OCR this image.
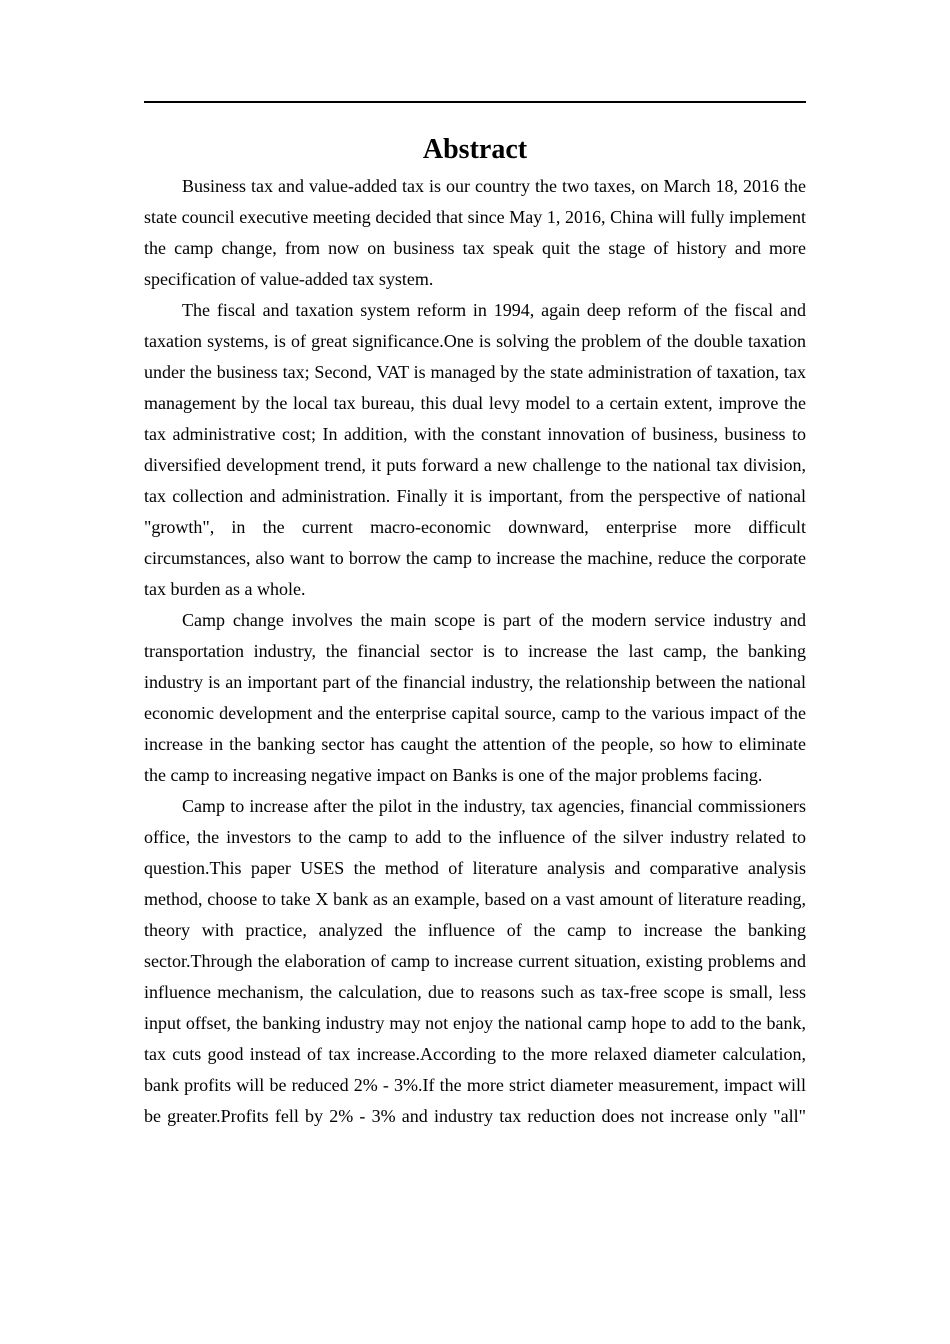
Abstract

Business tax and value-added tax is our country the two taxes, on March 18, 2016 the state council executive meeting decided that since May 1, 2016, China will fully implement the camp change, from now on business tax speak quit the stage of history and more specification of value-added tax system.

The fiscal and taxation system reform in 1994, again deep reform of the fiscal and taxation systems, is of great significance.One is solving the problem of the double taxation under the business tax; Second, VAT is managed by the state administration of taxation, tax management by the local tax bureau, this dual levy model to a certain extent, improve the tax administrative cost; In addition, with the constant innovation of business, business to diversified development trend, it puts forward a new challenge to the national tax division, tax collection and administration. Finally it is important, from the perspective of national "growth", in the current macro-economic downward, enterprise more difficult circumstances, also want to borrow the camp to increase the machine, reduce the corporate tax burden as a whole.

Camp change involves the main scope is part of the modern service industry and transportation industry, the financial sector is to increase the last camp, the banking industry is an important part of the financial industry, the relationship between the national economic development and the enterprise capital source, camp to the various impact of the increase in the banking sector has caught the attention of the people, so how to eliminate the camp to increasing negative impact on Banks is one of the major problems facing.

Camp to increase after the pilot in the industry, tax agencies, financial commissioners office, the investors to the camp to add to the influence of the silver industry related to question.This paper USES the method of literature analysis and comparative analysis method, choose to take X bank as an example, based on a vast amount of literature reading, theory with practice, analyzed the influence of the camp to increase the banking sector.Through the elaboration of camp to increase current situation, existing problems and influence mechanism, the calculation, due to reasons such as tax-free scope is small, less input offset, the banking industry may not enjoy the national camp hope to add to the bank, tax cuts good instead of tax increase.According to the more relaxed diameter calculation, bank profits will be reduced 2% - 3%.If the more strict diameter measurement, impact will be greater.Profits fell by 2% - 3% and industry tax reduction does not increase only "all"
